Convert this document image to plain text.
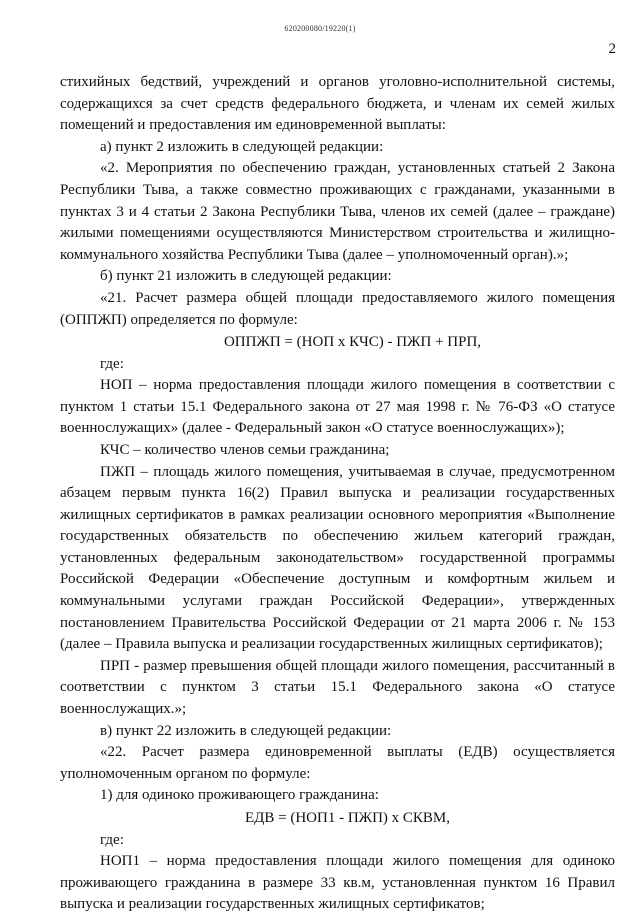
620200080/19220(1)
2

стихийных бедствий, учреждений и органов уголовно-исполнительной системы, содержащихся за счет средств федерального бюджета, и членам их семей жилых помещений и предоставления им единовременной выплаты:

а) пункт 2 изложить в следующей редакции:

«2. Мероприятия по обеспечению граждан, установленных статьей 2 Закона Республики Тыва, а также совместно проживающих с гражданами, указанными в пунктах 3 и 4 статьи 2 Закона Республики Тыва, членов их семей (далее – граждане) жилыми помещениями осуществляются Министерством строительства и жилищно-коммунального хозяйства Республики Тыва (далее – уполномоченный орган).»;

б) пункт 21 изложить в следующей редакции:

«21. Расчет размера общей площади предоставляемого жилого помещения (ОППЖП) определяется по формуле:

ОППЖП = (НОП х КЧС) - ПЖП + ПРП,

где:

НОП – норма предоставления площади жилого помещения в соответствии с пунктом 1 статьи 15.1 Федерального закона от 27 мая 1998 г. № 76-ФЗ «О статусе военнослужащих» (далее - Федеральный закон «О статусе военнослужащих»);

КЧС – количество членов семьи гражданина;

ПЖП – площадь жилого помещения, учитываемая в случае, предусмотренном абзацем первым пункта 16(2) Правил выпуска и реализации государственных жилищных сертификатов в рамках реализации основного мероприятия «Выполнение государственных обязательств по обеспечению жильем категорий граждан, установленных федеральным законодательством» государственной программы Российской Федерации «Обеспечение доступным и комфортным жильем и коммунальными услугами граждан Российской Федерации», утвержденных постановлением Правительства Российской Федерации от 21 марта 2006 г. № 153 (далее – Правила выпуска и реализации государственных жилищных сертификатов);

ПРП - размер превышения общей площади жилого помещения, рассчитанный в соответствии с пунктом 3 статьи 15.1 Федерального закона «О статусе военнослужащих.»;

в) пункт 22 изложить в следующей редакции:

«22. Расчет размера единовременной выплаты (ЕДВ) осуществляется уполномоченным органом по формуле:

1) для одиноко проживающего гражданина:

ЕДВ = (НОП1 - ПЖП) х СКВМ,

где:

НОП1 – норма предоставления площади жилого помещения для одиноко проживающего гражданина в размере 33 кв.м, установленная пунктом 16 Правил выпуска и реализации государственных жилищных сертификатов;
